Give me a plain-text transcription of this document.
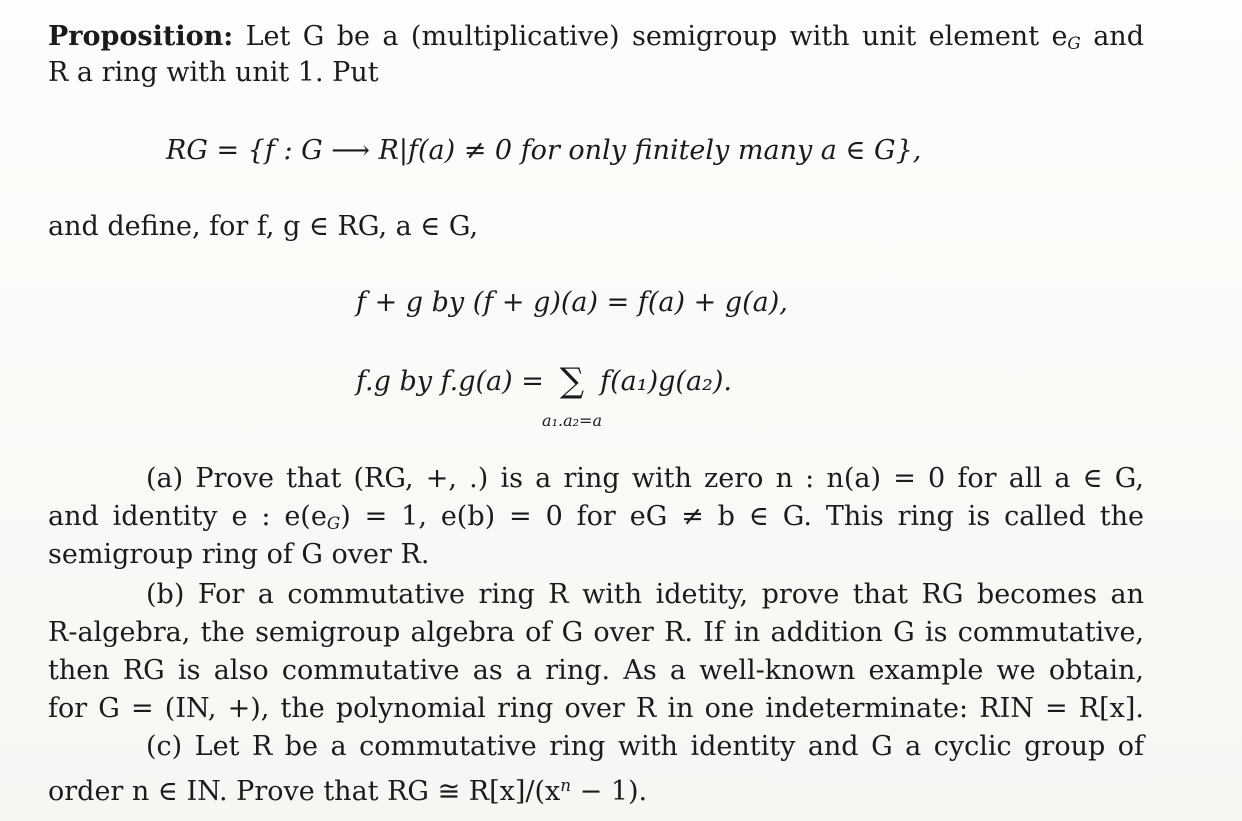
Proposition: Let G be a (multiplicative) semigroup with unit element $e_G$ and
R a ring with unit 1. Put
RG = {f : G ⟶ R|f(a) ≠ 0 for only finitely many a ∈ G},
and define, for f, g ∈ RG, a ∈ G,
f + g by (f + g)(a) = f(a) + g(a),
f.g by f.g(a) = ∑
a₁.a₂=a
f(a₁)g(a₂).
(a) Prove that (RG, +, .) is a ring with zero n : n(a) = 0 for all a ∈ G,
and identity e : $e(e_G) = 1$, e(b) = 0 for eG ≠ b ∈ G. This ring is called the
semigroup ring of G over R.
(b) For a commutative ring R with idetity, prove that RG becomes an
R-algebra, the semigroup algebra of G over R. If in addition G is commutative,
then RG is also commutative as a ring. As a well-known example we obtain,
for G = (IN, +), the polynomial ring over R in one indeterminate: RIN = R[x].
(c) Let R be a commutative ring with identity and G a cyclic group of
order n ∈ IN. Prove that RG ≅ $R[x]/(x^n - 1)$.
